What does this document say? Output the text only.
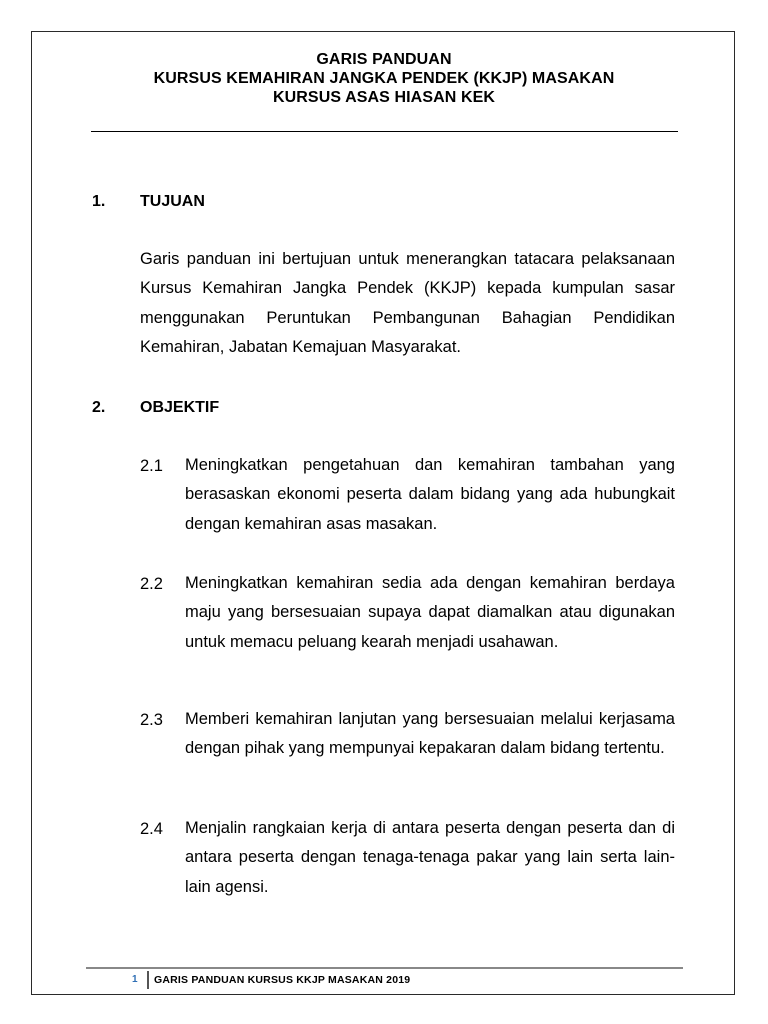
GARIS PANDUAN
KURSUS KEMAHIRAN JANGKA PENDEK (KKJP) MASAKAN
KURSUS ASAS HIASAN KEK
1. TUJUAN
Garis panduan ini bertujuan untuk menerangkan tatacara pelaksanaan Kursus Kemahiran Jangka Pendek (KKJP) kepada kumpulan sasar menggunakan Peruntukan Pembangunan Bahagian Pendidikan Kemahiran, Jabatan Kemajuan Masyarakat.
2. OBJEKTIF
2.1 Meningkatkan pengetahuan dan kemahiran tambahan yang berasaskan ekonomi peserta dalam bidang yang ada hubungkait dengan kemahiran asas masakan.
2.2 Meningkatkan kemahiran sedia ada dengan kemahiran berdaya maju yang bersesuaian supaya dapat diamalkan atau digunakan untuk memacu peluang kearah menjadi usahawan.
2.3 Memberi kemahiran lanjutan yang bersesuaian melalui kerjasama dengan pihak yang mempunyai kepakaran dalam bidang tertentu.
2.4 Menjalin rangkaian kerja di antara peserta dengan peserta dan di antara peserta dengan tenaga-tenaga pakar yang lain serta lain-lain agensi.
1 GARIS PANDUAN KURSUS KKJP MASAKAN 2019
